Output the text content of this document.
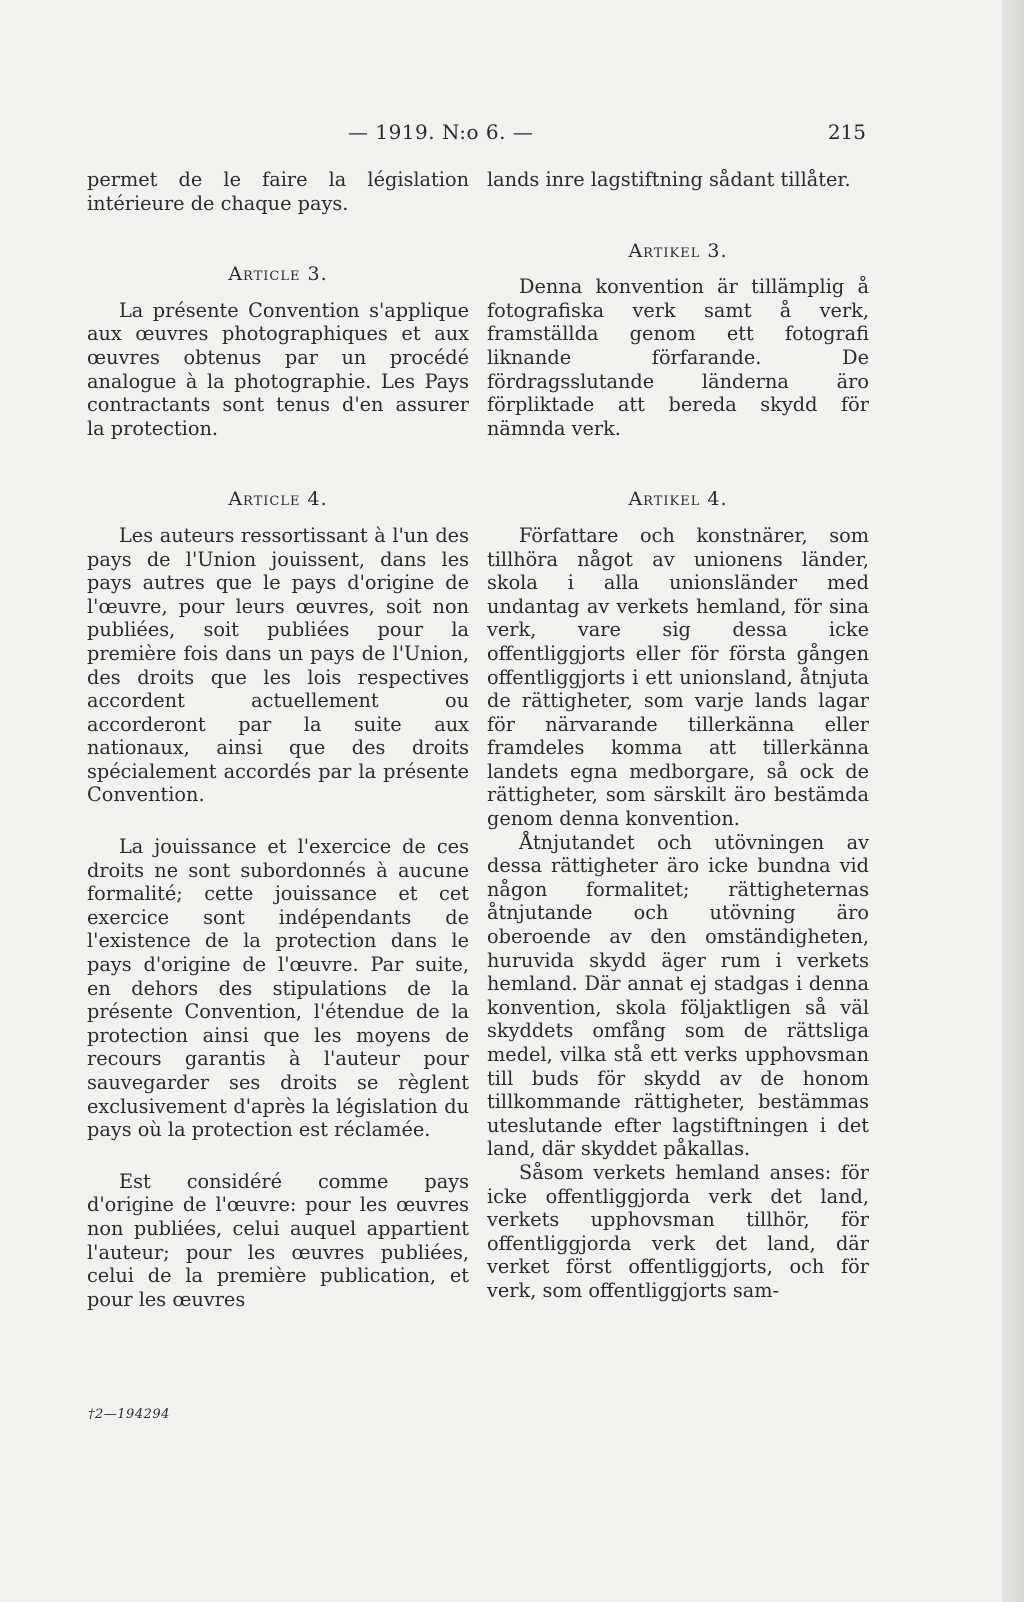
— 1919. N:o 6. —	215

permet de le faire la législation intérieure de chaque pays.

Article 3.

La présente Convention s'applique aux œuvres photographiques et aux œuvres obtenus par un procédé analogue à la photographie. Les Pays contractants sont tenus d'en assurer la protection.

Article 4.

Les auteurs ressortissant à l'un des pays de l'Union jouissent, dans les pays autres que le pays d'origine de l'œuvre, pour leurs œuvres, soit non publiées, soit publiées pour la première fois dans un pays de l'Union, des droits que les lois respectives accordent actuellement ou accorderont par la suite aux nationaux, ainsi que des droits spécialement accordés par la présente Convention.

La jouissance et l'exercice de ces droits ne sont subordonnés à aucune formalité; cette jouissance et cet exercice sont indépendants de l'existence de la protection dans le pays d'origine de l'œuvre. Par suite, en dehors des stipulations de la présente Convention, l'étendue de la protection ainsi que les moyens de recours garantis à l'auteur pour sauvegarder ses droits se règlent exclusivement d'après la législation du pays où la protection est réclamée.

Est considéré comme pays d'origine de l'œuvre: pour les œuvres non publiées, celui auquel appartient l'auteur; pour les œuvres publiées, celui de la première publication, et pour les œuvres

lands inre lagstiftning sådant tillåter.

Artikel 3.

Denna konvention är tillämplig å fotografiska verk samt å verk, framställda genom ett fotografi liknande förfarande. De fördragsslutande länderna äro förpliktade att bereda skydd för nämnda verk.

Artikel 4.

Författare och konstnärer, som tillhöra något av unionens länder, skola i alla unionsländer med undantag av verkets hemland, för sina verk, vare sig dessa icke offentliggjorts eller för första gången offentliggjorts i ett unionsland, åtnjuta de rättigheter, som varje lands lagar för närvarande tillerkänna eller framdeles komma att tillerkänna landets egna medborgare, så ock de rättigheter, som särskilt äro bestämda genom denna konvention.

Åtnjutandet och utövningen av dessa rättigheter äro icke bundna vid någon formalitet; rättigheternas åtnjutande och utövning äro oberoende av den omständigheten, huruvida skydd äger rum i verkets hemland. Där annat ej stadgas i denna konvention, skola följaktligen så väl skyddets omfång som de rättsliga medel, vilka stå ett verks upphovsman till buds för skydd av de honom tillkommande rättigheter, bestämmas uteslutande efter lagstiftningen i det land, där skyddet påkallas.

Såsom verkets hemland anses: för icke offentliggjorda verk det land, verkets upphovsman tillhör, för offentliggjorda verk det land, där verket först offentliggjorts, och för verk, som offentliggjorts sam-

†2—194294
